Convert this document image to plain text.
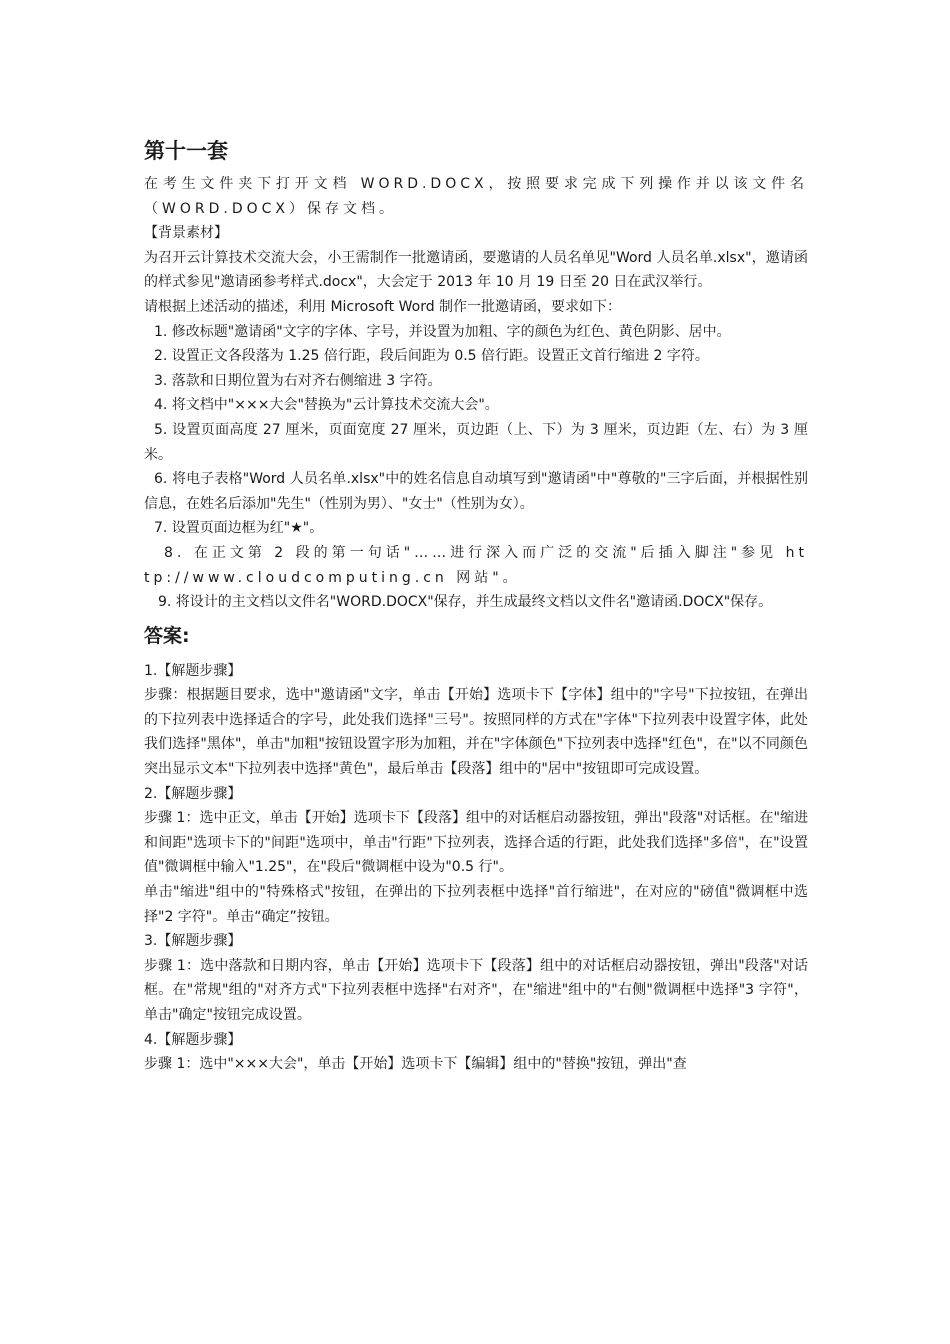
第十一套

在考生文件夹下打开文档 WORD.DOCX，按照要求完成下列操作并以该文件名（WORD.DOCX）保存文档。

【背景素材】

为召开云计算技术交流大会，小王需制作一批邀请函，要邀请的人员名单见"Word 人员名单.xlsx"，邀请函的样式参见"邀请函参考样式.docx"，大会定于 2013 年 10 月 19 日至 20 日在武汉举行。

请根据上述活动的描述，利用 Microsoft Word 制作一批邀请函，要求如下：

1. 修改标题"邀请函"文字的字体、字号，并设置为加粗、字的颜色为红色、黄色阴影、居中。

2. 设置正文各段落为 1.25 倍行距，段后间距为 0.5 倍行距。设置正文首行缩进 2 字符。

3. 落款和日期位置为右对齐右侧缩进 3 字符。

4. 将文档中"×××大会"替换为"云计算技术交流大会"。

5. 设置页面高度 27 厘米，页面宽度 27 厘米，页边距（上、下）为 3 厘米，页边距（左、右）为 3 厘米。

6. 将电子表格"Word 人员名单.xlsx"中的姓名信息自动填写到"邀请函"中"尊敬的"三字后面，并根据性别信息，在姓名后添加"先生"（性别为男）、"女士"（性别为女）。

7. 设置页面边框为红"★"。

8. 在正文第 2 段的第一句话"……进行深入而广泛的交流"后插入脚注"参见 http://www.cloudcomputing.cn 网站"。

9. 将设计的主文档以文件名"WORD.DOCX"保存，并生成最终文档以文件名"邀请函.DOCX"保存。

答案:

1.【解题步骤】

步骤：根据题目要求，选中"邀请函"文字，单击【开始】选项卡下【字体】组中的"字号"下拉按钮，在弹出的下拉列表中选择适合的字号，此处我们选择"三号"。按照同样的方式在"字体"下拉列表中设置字体，此处我们选择"黑体"，单击"加粗"按钮设置字形为加粗，并在"字体颜色"下拉列表中选择"红色"，在"以不同颜色突出显示文本"下拉列表中选择"黄色"，最后单击【段落】组中的"居中"按钮即可完成设置。

2.【解题步骤】

步骤 1：选中正文，单击【开始】选项卡下【段落】组中的对话框启动器按钮，弹出"段落"对话框。在"缩进和间距"选项卡下的"间距"选项中，单击"行距"下拉列表，选择合适的行距，此处我们选择"多倍"，在"设置值"微调框中输入"1.25"，在"段后"微调框中设为"0.5 行"。

单击"缩进"组中的"特殊格式"按钮，在弹出的下拉列表框中选择"首行缩进"，在对应的"磅值"微调框中选择"2 字符"。单击“确定”按钮。

3.【解题步骤】

步骤 1：选中落款和日期内容，单击【开始】选项卡下【段落】组中的对话框启动器按钮，弹出"段落"对话框。在"常规"组的"对齐方式"下拉列表框中选择"右对齐"，在"缩进"组中的"右侧"微调框中选择"3 字符"，单击"确定"按钮完成设置。

4.【解题步骤】

步骤 1：选中"×××大会"，单击【开始】选项卡下【编辑】组中的"替换"按钮，弹出"查
